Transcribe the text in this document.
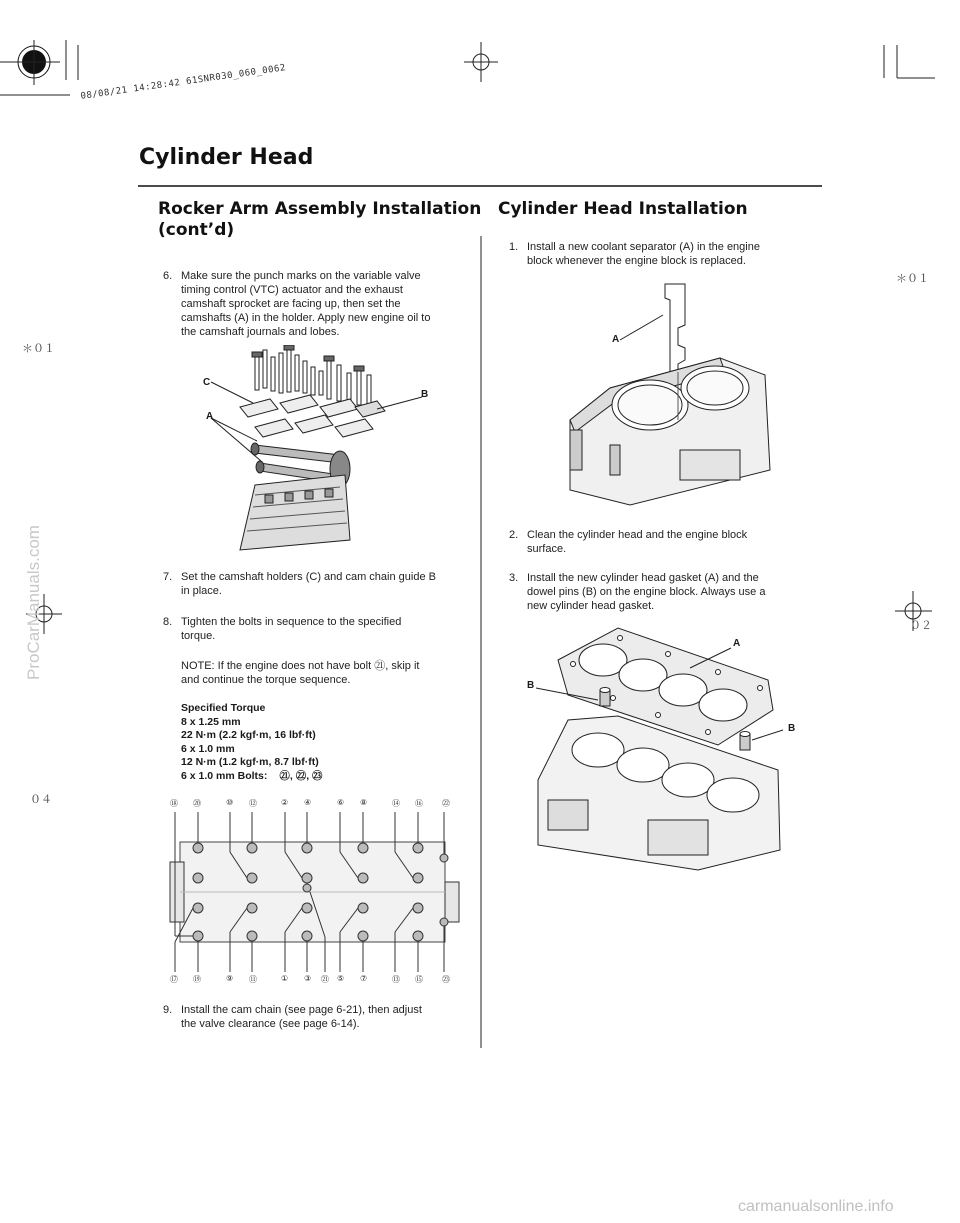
08/08/21 14:28:42 61SNR030_060_0062
ProCarManuals.com
carmanualsonline.info
＊０１
＊０１
０２
０４
Cylinder Head
Rocker Arm Assembly Installation
(cont’d)
Cylinder Head Installation
6. Make sure the punch marks on the variable valve
timing control (VTC) actuator and the exhaust
camshaft sprocket are facing up, then set the
camshafts (A) in the holder. Apply new engine oil to
the camshaft journals and lobes.
C
B
A
7. Set the camshaft holders (C) and cam chain guide B
in place.
8. Tighten the bolts in sequence to the specified
torque.
NOTE: If the engine does not have bolt ㉑, skip it
and continue the torque sequence.
Specified Torque
8 x 1.25 mm
22 N·m (2.2 kgf·m, 16 lbf·ft)
6 x 1.0 mm
12 N·m (1.2 kgf·m, 8.7 lbf·ft)
6 x 1.0 mm Bolts: ㉑, ㉒, ㉓
⑱ ⑳	⑩ ⑫	② ④	⑥ ⑧	⑭ ⑯ ㉒
⑰ ⑲	⑨ ⑪	① ③ ㉑ ⑤ ⑦	⑬ ⑮ ㉓
9. Install the cam chain (see page 6-21), then adjust
the valve clearance (see page 6-14).
1. Install a new coolant separator (A) in the engine
block whenever the engine block is replaced.
A
2. Clean the cylinder head and the engine block
surface.
3. Install the new cylinder head gasket (A) and the
dowel pins (B) on the engine block. Always use a
new cylinder head gasket.
A
B
B
